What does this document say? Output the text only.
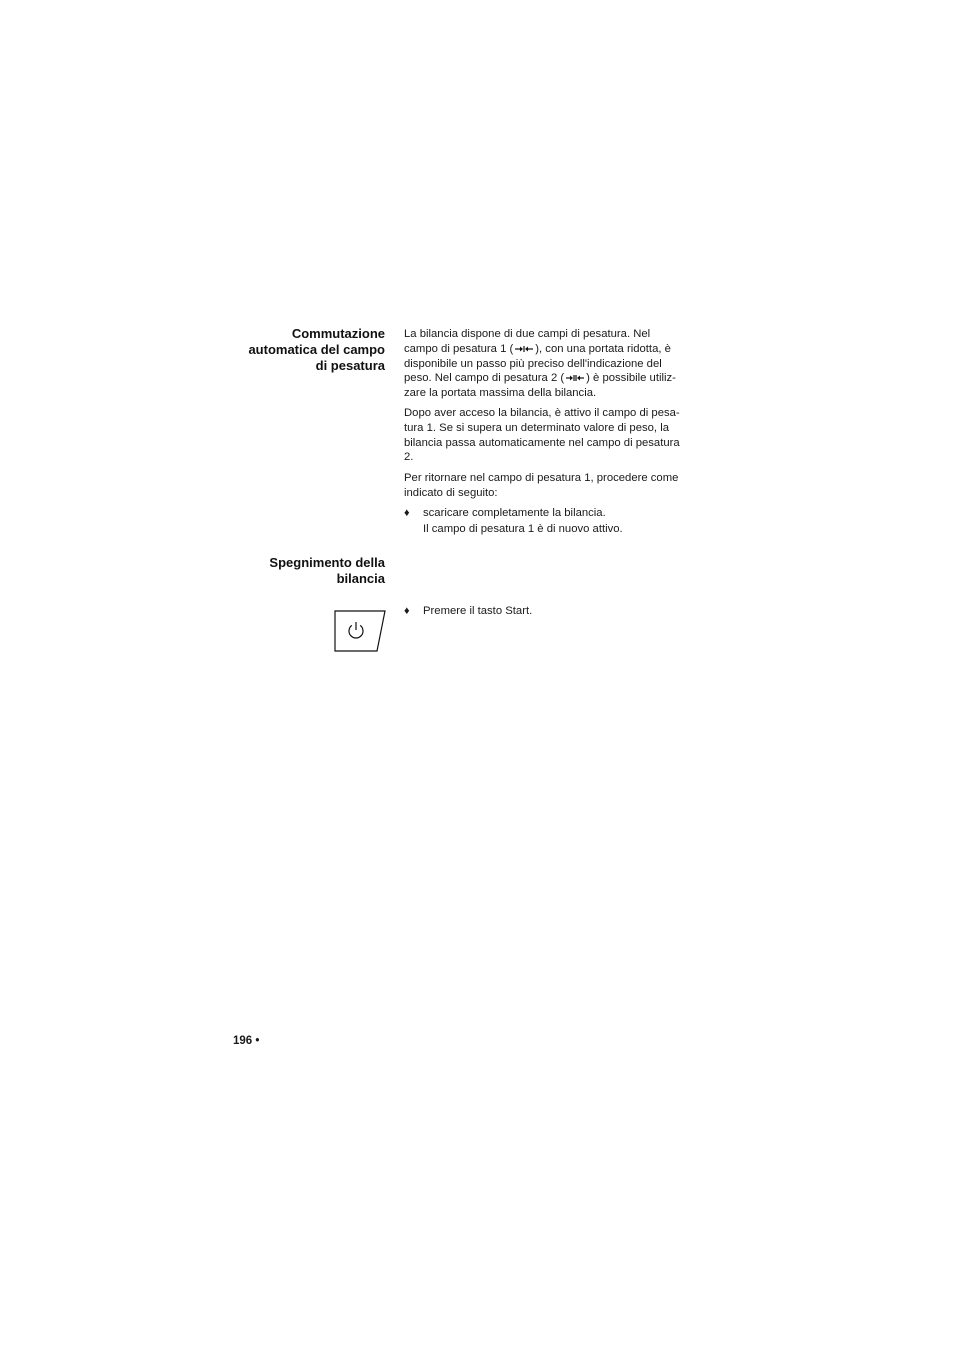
Commutazione
automatica del campo
di pesatura
La bilancia dispone di due campi di pesatura. Nel
campo di pesatura 1 ( ), con una portata ridotta, è
disponibile un passo più preciso dell'indicazione del
peso. Nel campo di pesatura 2 ( ) è possibile utiliz-
zare la portata massima della bilancia.
Dopo aver acceso la bilancia, è attivo il campo di pesa-
tura 1. Se si supera un determinato valore di peso, la
bilancia passa automaticamente nel campo di pesatura
2.
Per ritornare nel campo di pesatura 1, procedere come
indicato di seguito:
♦ scaricare completamente la bilancia.
Il campo di pesatura 1 è di nuovo attivo.
Spegnimento della
bilancia
♦ Premere il tasto Start.
196 •
